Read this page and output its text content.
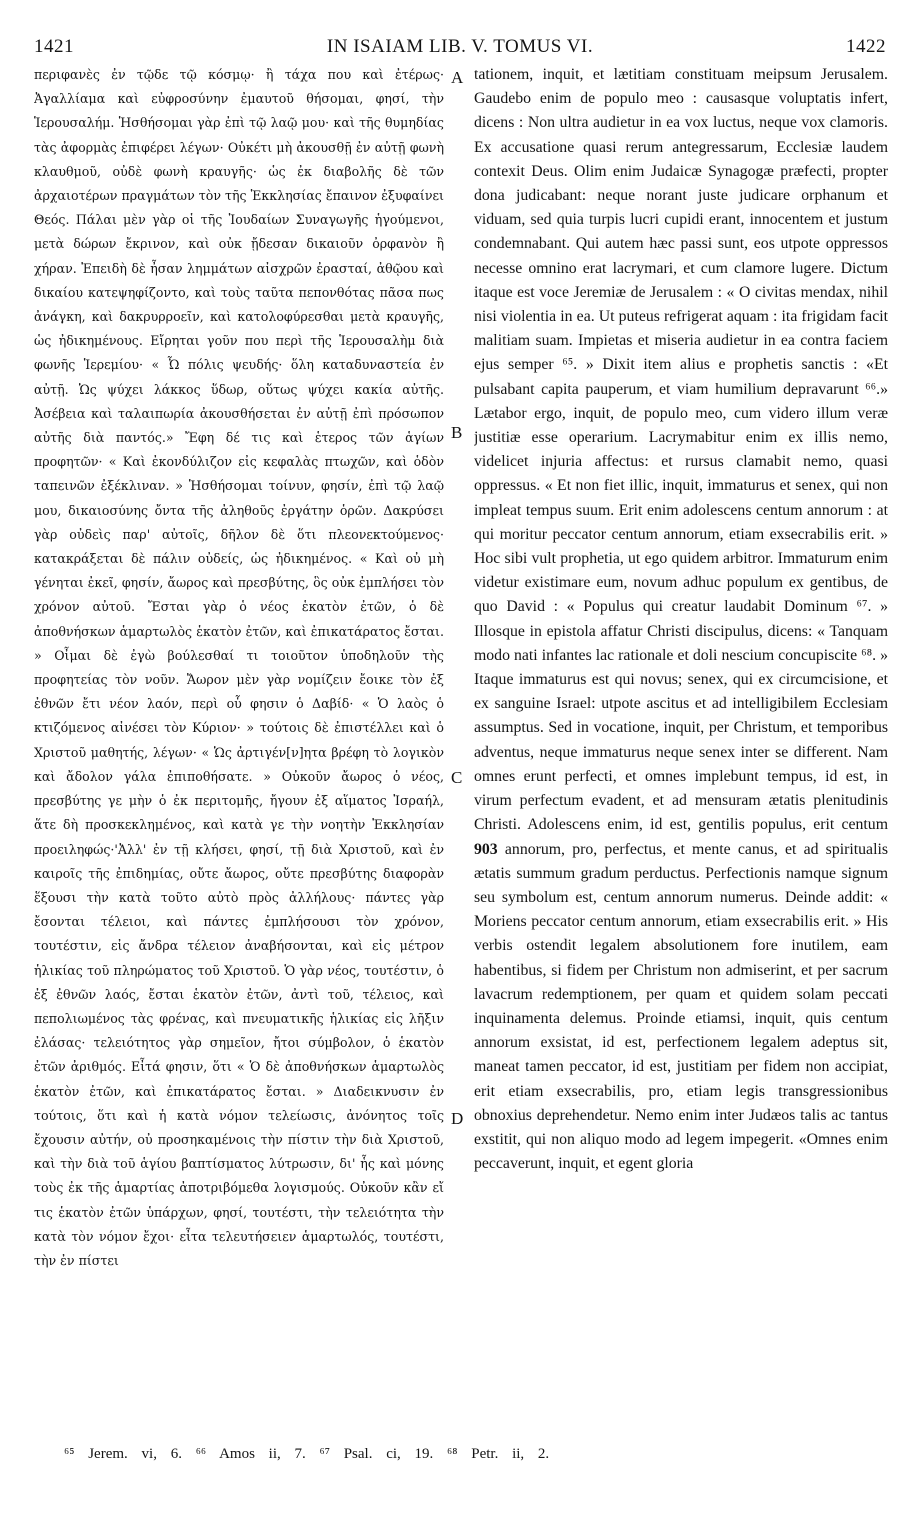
1421	IN ISAIAM LIB. V. TOMUS VI.	1422

περιφανὲς ἐν τῷδε τῷ κόσμῳ· ἢ τάχα που καὶ ἐτέρως· Ἀγαλλίαμα καὶ εὐφροσύνην ἐμαυτοῦ θήσομαι, φησί, τὴν Ἱερουσαλήμ. Ἡσθήσομαι γὰρ ἐπὶ τῷ λαῷ μου· καὶ τῆς θυμηδίας τὰς ἀφορμὰς ἐπιφέρει λέγων· Οὐκέτι μὴ ἀκουσθῇ ἐν αὐτῇ φωνὴ κλαυθμοῦ, οὐδὲ φωνὴ κραυγῆς· ὡς ἐκ διαβολῆς δὲ τῶν ἀρχαιοτέρων πραγμάτων τὸν τῆς Ἐκκλησίας ἔπαινον ἐξυφαίνει Θεός. Πάλαι μὲν γὰρ οἱ τῆς Ἰουδαίων Συναγωγῆς ἡγούμενοι, μετὰ δώρων ἔκρινον, καὶ οὐκ ᾔδεσαν δικαιοῦν ὀρφανὸν ἢ χήραν. Ἐπειδὴ δὲ ἦσαν λημμάτων αἰσχρῶν ἐρασταί, ἀθῷου καὶ δικαίου κατεψηφίζοντο, καὶ τοὺς ταῦτα πεπονθότας πᾶσα πως ἀνάγκη, καὶ δακρυρροεῖν, καὶ κατολοφύρεσθαι μετὰ κραυγῆς, ὡς ἠδικημένους. Εἴρηται γοῦν που περὶ τῆς Ἱερουσαλὴμ διὰ φωνῆς Ἱερεμίου· « Ὦ πόλις ψευδής· ὅλη καταδυναστεία ἐν αὐτῇ. Ὡς ψύχει λάκκος ὕδωρ, οὕτως ψύχει κακία αὐτῆς. Ἀσέβεια καὶ ταλαιπωρία ἀκουσθήσεται ἐν αὐτῇ ἐπὶ πρόσωπον αὐτῆς διὰ παντός.» Ἔφη δέ τις καὶ ἑτερος τῶν ἁγίων προφητῶν· « Καὶ ἐκονδύλιζον εἰς κεφαλὰς πτωχῶν, καὶ ὁδὸν ταπεινῶν ἐξέκλιναν. » Ἡσθήσομαι τοίνυν, φησίν, ἐπὶ τῷ λαῷ μου, δικαιοσύνης ὄντα τῆς ἀληθοῦς ἐργάτην ὁρῶν. Δακρύσει γὰρ οὐδεὶς παρ' αὐτοῖς, δῆλον δὲ ὅτι πλεονεκτούμενος· κατακράξεται δὲ πάλιν οὐδείς, ὡς ἠδικημένος. « Καὶ οὐ μὴ γένηται ἐκεῖ, φησίν, ἄωρος καὶ πρεσβύτης, ὃς οὐκ ἐμπλήσει τὸν χρόνον αὐτοῦ. Ἔσται γὰρ ὁ νέος ἑκατὸν ἐτῶν, ὁ δὲ ἀποθνήσκων ἁμαρτωλὸς ἑκατὸν ἐτῶν, καὶ ἐπικατάρατος ἔσται. » Οἶμαι δὲ ἐγὼ βούλεσθαί τι τοιοῦτον ὑποδηλοῦν τὴς προφητείας τὸν νοῦν. Ἄωρον μὲν γὰρ νομίζειν ἔοικε τὸν ἐξ ἐθνῶν ἔτι νέον λαόν, περὶ οὗ φησιν ὁ Δαβίδ· « Ὁ λαὸς ὁ κτιζόμενος αἰνέσει τὸν Κύριον· » τούτοις δὲ ἐπιστέλλει καὶ ὁ Χριστοῦ μαθητής, λέγων· « Ὡς ἀρτιγέν[ν]ητα βρέφη τὸ λογικὸν καὶ ἄδολον γάλα ἐπιποθήσατε. » Οὐκοῦν ἄωρος ὁ νέος, πρεσβύτης γε μὴν ὁ ἐκ περιτομῆς, ἤγουν ἐξ αἵματος Ἰσραήλ, ἅτε δὴ προσκεκλημένος, καὶ κατὰ γε τὴν νοητὴν Ἐκκλησίαν προειληφώς·'Ἀλλ' ἐν τῇ κλήσει, φησί, τῇ διὰ Χριστοῦ, καὶ ἐν καιροῖς τῆς ἐπιδημίας, οὔτε ἄωρος, οὔτε πρεσβύτης διαφορὰν ἕξουσι τὴν κατὰ τοῦτο αὐτὸ πρὸς ἀλλήλους· πάντες γὰρ ἔσονται τέλειοι, καὶ πάντες ἐμπλήσουσι τὸν χρόνον, τουτέστιν, εἰς ἄνδρα τέλειον ἀναβήσονται, καὶ εἰς μέτρον ἡλικίας τοῦ πληρώματος τοῦ Χριστοῦ. Ὁ γὰρ νέος, τουτέστιν, ὁ ἐξ ἐθνῶν λαός, ἔσται ἑκατὸν ἐτῶν, ἀντὶ τοῦ, τέλειος, καὶ πεπολιωμένος τὰς φρένας, καὶ πνευματικῆς ἡλικίας εἰς λῆξιν ἐλάσας· τελειότητος γὰρ σημεῖον, ἤτοι σύμβολον, ὁ ἑκατὸν ἐτῶν ἀριθμός. Εἶτά φησιν, ὅτι « Ὁ δὲ ἀποθνήσκων ἁμαρτωλὸς ἑκατὸν ἐτῶν, καὶ ἐπικατάρατος ἔσται. » Διαδεικνυσιν ἐν τούτοις, ὅτι καὶ ἡ κατὰ νόμον τελείωσις, ἀνόνητος τοῖς ἔχουσιν αὐτήν, οὐ προσηκαμένοις τὴν πίστιν τὴν διὰ Χριστοῦ, καὶ τὴν διὰ τοῦ ἁγίου βαπτίσματος λύτρωσιν, δι' ἧς καὶ μόνης τοὺς ἐκ τῆς ἁμαρτίας ἀποτριβόμεθα λογισμούς. Οὐκοῦν κἂν εἴ τις ἑκατὸν ἐτῶν ὑπάρχων, φησί, τουτέστι, τὴν τελειότητα τὴν κατὰ τὸν νόμον ἔχοι· εἶτα τελευτήσειεν ἁμαρτωλός, τουτέστι, τὴν ἐν πίστει

A
B
C
D

tationem, inquit, et lætitiam constituam meipsum Jerusalem. Gaudebo enim de populo meo : causasque voluptatis infert, dicens : Non ultra audietur in ea vox luctus, neque vox clamoris. Ex accusatione quasi rerum antegressarum, Ecclesiæ laudem contexit Deus. Olim enim Judaicæ Synagogæ præfecti, propter dona judicabant: neque norant juste judicare orphanum et viduam, sed quia turpis lucri cupidi erant, innocentem et justum condemnabant. Qui autem hæc passi sunt, eos utpote oppressos necesse omnino erat lacrymari, et cum clamore lugere. Dictum itaque est voce Jeremiæ de Jerusalem : « O civitas mendax, nihil nisi violentia in ea. Ut puteus refrigerat aquam : ita frigidam facit malitiam suam. Impietas et miseria audietur in ea contra faciem ejus semper ⁶⁵. » Dixit item alius e prophetis sanctis : «Et pulsabant capita pauperum, et viam humilium depravarunt ⁶⁶.» Lætabor ergo, inquit, de populo meo, cum videro illum veræ justitiæ esse operarium. Lacrymabitur enim ex illis nemo, videlicet injuria affectus: et rursus clamabit nemo, quasi oppressus. « Et non fiet illic, inquit, immaturus et senex, qui non impleat tempus suum. Erit enim adolescens centum annorum : at qui moritur peccator centum annorum, etiam exsecrabilis erit. » Hoc sibi vult prophetia, ut ego quidem arbitror. Immaturum enim videtur existimare eum, novum adhuc populum ex gentibus, de quo David : « Populus qui creatur laudabit Dominum ⁶⁷. » Illosque in epistola affatur Christi discipulus, dicens: « Tanquam modo nati infantes lac rationale et doli nescium concupiscite ⁶⁸. » Itaque immaturus est qui novus; senex, qui ex circumcisione, et ex sanguine Israel: utpote ascitus et ad intelligibilem Ecclesiam assumptus. Sed in vocatione, inquit, per Christum, et temporibus adventus, neque immaturus neque senex inter se different. Nam omnes erunt perfecti, et omnes implebunt tempus, id est, in virum perfectum evadent, et ad mensuram ætatis plenitudinis Christi. Adolescens enim, id est, gentilis populus, erit centum 903 annorum, pro, perfectus, et mente canus, et ad spiritualis ætatis summum gradum perductus. Perfectionis namque signum seu symbolum est, centum annorum numerus. Deinde addit: « Moriens peccator centum annorum, etiam exsecrabilis erit. » His verbis ostendit legalem absolutionem fore inutilem, eam habentibus, si fidem per Christum non admiserint, et per sacrum lavacrum redemptionem, per quam et quidem solam peccati inquinamenta delemus. Proinde etiamsi, inquit, quis centum annorum exsistat, id est, perfectionem legalem adeptus sit, maneat tamen peccator, id est, justitiam per fidem non accipiat, erit etiam exsecrabilis, pro, etiam legis transgressionibus obnoxius deprehendetur. Nemo enim inter Judæos talis ac tantus exstitit, qui non aliquo modo ad legem impegerit. «Omnes enim peccaverunt, inquit, et egent gloria

⁶⁵ Jerem. vi, 6. ⁶⁶ Amos ii, 7. ⁶⁷ Psal. ci, 19. ⁶⁸ Petr. ii, 2.
